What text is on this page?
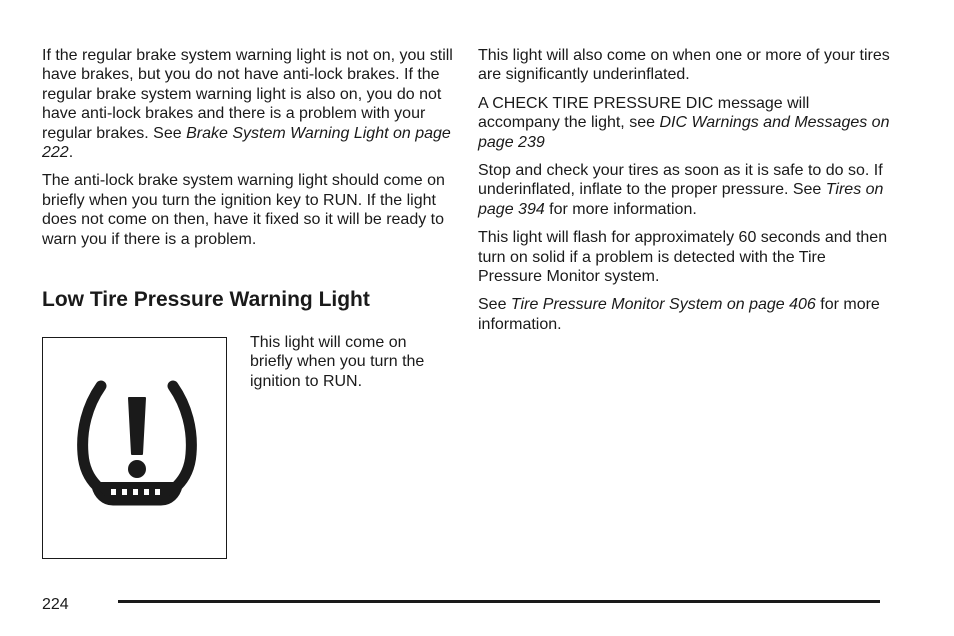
If the regular brake system warning light is not on, you still have brakes, but you do not have anti-lock brakes. If the regular brake system warning light is also on, you do not have anti-lock brakes and there is a problem with your regular brakes. See Brake System Warning Light on page 222.

The anti-lock brake system warning light should come on briefly when you turn the ignition key to RUN. If the light does not come on then, have it fixed so it will be ready to warn you if there is a problem.

Low Tire Pressure Warning Light
This light will come on briefly when you turn the ignition to RUN.

This light will also come on when one or more of your tires are significantly underinflated.

A CHECK TIRE PRESSURE DIC message will accompany the light, see DIC Warnings and Messages on page 239

Stop and check your tires as soon as it is safe to do so. If underinflated, inflate to the proper pressure. See Tires on page 394 for more information.

This light will flash for approximately 60 seconds and then turn on solid if a problem is detected with the Tire Pressure Monitor system.

See Tire Pressure Monitor System on page 406 for more information.

224
